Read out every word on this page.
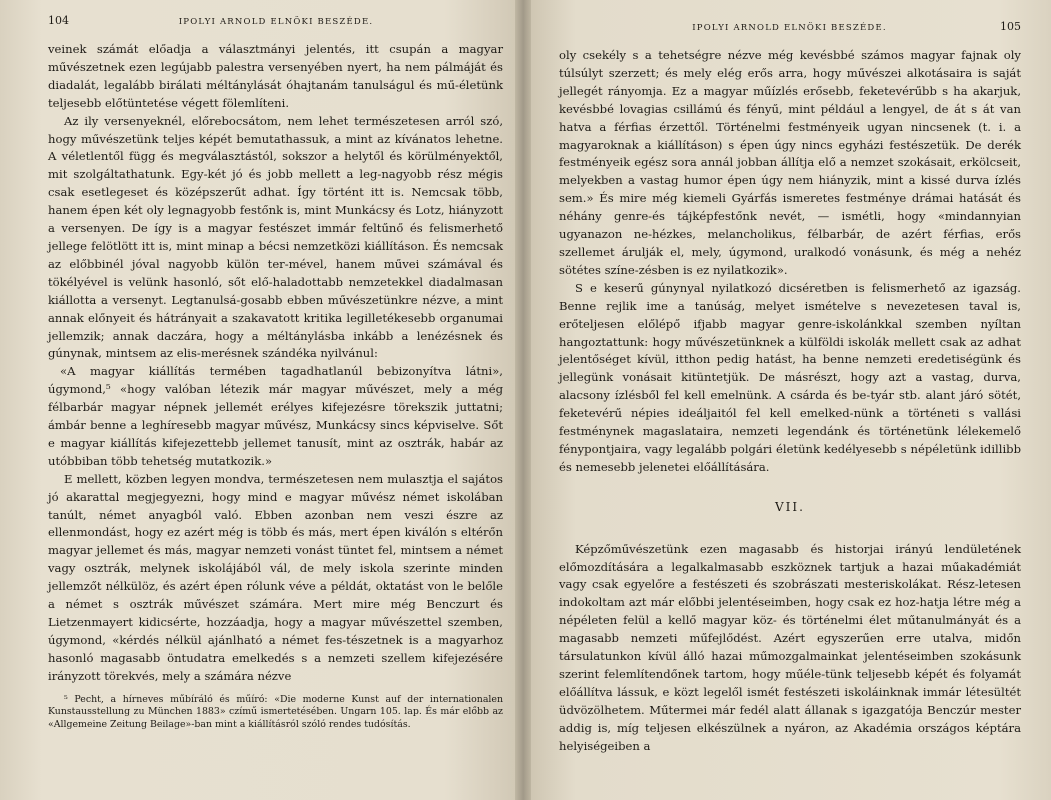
104	IPOLYI ARNOLD ELNÖKI BESZÉDE.

veinek számát előadja a választmányi jelentés, itt csupán a magyar művészetnek ezen legújabb palestra versenyében nyert, ha nem pálmáját és diadalát, legalább birálati méltánylását óhajtanám tanulságul és mű-életünk teljesebb előtüntetése végett fölemlíteni.

Az ily versenyeknél, előrebocsátom, nem lehet természetesen arról szó, hogy művészetünk teljes képét bemutathassuk, a mint az kívánatos lehetne. A véletlentől függ és megválasztástól, sokszor a helytől és körülményektől, mit szolgáltathatunk. Egy-két jó és jobb mellett a leg-nagyobb rész mégis csak esetlegeset és középszerűt adhat. Így történt itt is. Nemcsak több, hanem épen két oly legnagyobb festőnk is, mint Munkácsy és Lotz, hiányzott a versenyen. De így is a magyar festészet immár feltűnő és felismerhető jellege felötlött itt is, mint minap a bécsi nemzetközi kiállításon. És nemcsak az előbbinél jóval nagyobb külön ter-mével, hanem művei számával és tökélyével is velünk hasonló, sőt elő-haladottabb nemzetekkel diadalmasan kiállotta a versenyt. Legtanulsá-gosabb ebben művészetünkre nézve, a mint annak előnyeit és hátrányait a szakavatott kritika legilletékesebb organumai jellemzik; annak daczára, hogy a méltánylásba inkább a lenézésnek és gúnynak, mintsem az elis-merésnek szándéka nyilvánul:

«A magyar kiállítás termében tagadhatlanúl bebizonyítva látni», úgymond,⁵ «hogy valóban létezik már magyar művészet, mely a még félbarbár magyar népnek jellemét erélyes kifejezésre törekszik juttatni; ámbár benne a leghíresebb magyar művész, Munkácsy sincs képviselve. Sőt e magyar kiállítás kifejezettebb jellemet tanusít, mint az osztrák, habár az utóbbiban több tehetség mutatkozik.»

E mellett, közben legyen mondva, természetesen nem mulasztja el sajátos jó akarattal megjegyezni, hogy mind e magyar művész német iskolában tanúlt, német anyagból való. Ebben azonban nem veszi észre az ellenmondást, hogy ez azért még is több és más, mert épen kiválón s eltérőn magyar jellemet és más, magyar nemzeti vonást tüntet fel, mintsem a német vagy osztrák, melynek iskolájából vál, de mely iskola szerinte minden jellemzőt nélkülöz, és azért épen rólunk véve a példát, oktatást von le belőle a német s osztrák művészet számára. Mert mire még Benczurt és Lietzenmayert kidicsérte, hozzáadja, hogy a magyar művészettel szemben, úgymond, «kérdés nélkül ajánlható a német fes-tészetnek is a magyarhoz hasonló magasabb öntudatra emelkedés s a nemzeti szellem kifejezésére irányzott törekvés, mely a számára nézve

⁵ Pecht, a hírneves műbíráló és műíró: «Die moderne Kunst auf der internationalen Kunstausstellung zu München 1883» czímű ismertetésében. Ungarn 105. lap. És már előbb az «Allgemeine Zeitung Beilage»-ban mint a kiállításról szóló rendes tudósítás.

IPOLYI ARNOLD ELNÖKI BESZÉDE.	105

oly csekély s a tehetségre nézve még kevésbbé számos magyar fajnak oly túlsúlyt szerzett; és mely elég erős arra, hogy művészei alkotásaira is saját jellegét rányomja. Ez a magyar műízlés erősebb, feketevérűbb s ha akarjuk, kevésbbé lovagias csillámú és fényű, mint például a lengyel, de át s át van hatva a férfias érzettől. Történelmi festményeik ugyan nincsenek (t. i. a magyaroknak a kiállításon) s épen úgy nincs egyházi festészetük. De derék festményeik egész sora annál jobban állítja elő a nemzet szokásait, erkölcseit, melyekben a vastag humor épen úgy nem hiányzik, mint a kissé durva ízlés sem.» És mire még kiemeli Gyárfás ismeretes festménye drámai hatását és néhány genre-és tájképfestőnk nevét, — ismétli, hogy «mindannyian ugyanazon ne-hézkes, melancholikus, félbarbár, de azért férfias, erős szellemet árulják el, mely, úgymond, uralkodó vonásunk, és még a nehéz sötétes színe-zésben is ez nyilatkozik».

S e keserű gúnynyal nyilatkozó dicséretben is felismerhető az igazság. Benne rejlik ime a tanúság, melyet ismételve s nevezetesen taval is, erőteljesen előlépő ifjabb magyar genre-iskolánkkal szemben nyíltan hangoztattunk: hogy művészetünknek a külföldi iskolák mellett csak az adhat jelentőséget kívül, itthon pedig hatást, ha benne nemzeti eredetiségünk és jellegünk vonásait kitüntetjük. De másrészt, hogy azt a vastag, durva, alacsony ízlésből fel kell emelnünk. A csárda és be-tyár stb. alant járó sötét, feketevérű népies ideáljaitól fel kell emelked-nünk a történeti s vallási festménynek magaslataira, nemzeti legendánk és történetünk lélekemelő fénypontjaira, vagy legalább polgári életünk kedélyesebb s népéletünk idillibb és nemesebb jelenetei előállítására.

VII.

Képzőművészetünk ezen magasabb és historjai irányú lendületének előmozdítására a legalkalmasabb eszköznek tartjuk a hazai műakadémiát vagy csak egyelőre a festészeti és szobrászati mesteriskolákat. Rész-letesen indokoltam azt már előbbi jelentéseimben, hogy csak ez hoz-hatja létre még a népéleten felül a kellő magyar köz- és történelmi élet műtanulmányát és a magasabb nemzeti műfejlődést. Azért egyszerűen erre utalva, midőn társulatunkon kívül álló hazai műmozgalmainkat jelentéseimben szokásunk szerint felemlítendőnek tartom, hogy műéle-tünk teljesebb képét és folyamát előállítva lássuk, e közt legelől ismét festészeti iskoláinknak immár létesültét üdvözölhetem. Műtermei már fedél alatt állanak s igazgatója Benczúr mester addig is, míg teljesen elkészülnek a nyáron, az Akadémia országos képtára helyiségeiben a
